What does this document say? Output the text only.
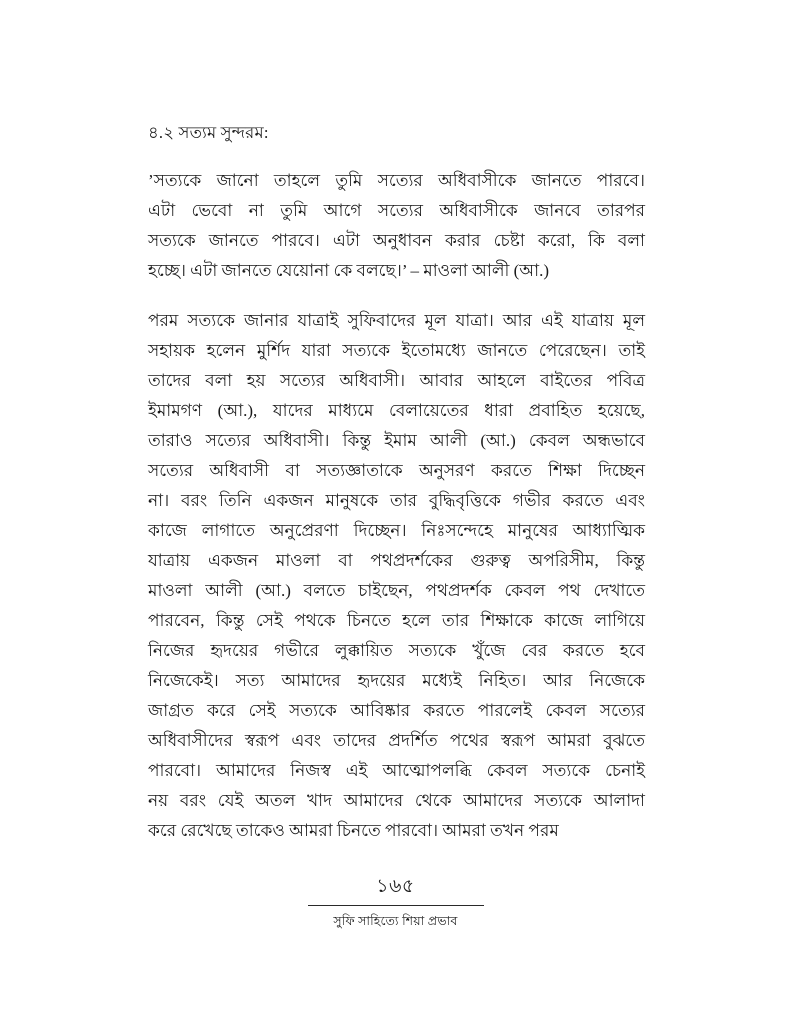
৪.২ সত্যম সুন্দরম:
’সত্যকে জানো তাহলে তুমি সত্যের অধিবাসীকে জানতে পারবে।
এটা ভেবো না তুমি আগে সত্যের অধিবাসীকে জানবে তারপর
সত্যকে জানতে পারবে। এটা অনুধাবন করার চেষ্টা করো, কি বলা
হচ্ছে। এটা জানতে যেয়োনা কে বলছে।’ – মাওলা আলী (আ.)
পরম সত্যকে জানার যাত্রাই সুফিবাদের মূল যাত্রা। আর এই যাত্রায় মূল
সহায়ক হলেন মুর্শিদ যারা সত্যকে ইতোমধ্যে জানতে পেরেছেন। তাই
তাদের বলা হয় সত্যের অধিবাসী। আবার আহলে বাইতের পবিত্র
ইমামগণ (আ.), যাদের মাধ্যমে বেলায়েতের ধারা প্রবাহিত হয়েছে,
তারাও সত্যের অধিবাসী। কিন্তু ইমাম আলী (আ.) কেবল অন্ধভাবে
সত্যের অধিবাসী বা সত্যজ্ঞাতাকে অনুসরণ করতে শিক্ষা দিচ্ছেন
না। বরং তিনি একজন মানুষকে তার বুদ্ধিবৃত্তিকে গভীর করতে এবং
কাজে লাগাতে অনুপ্রেরণা দিচ্ছেন। নিঃসন্দেহে মানুষের আধ্যাত্মিক
যাত্রায় একজন মাওলা বা পথপ্রদর্শকের গুরুত্ব অপরিসীম, কিন্তু
মাওলা আলী (আ.) বলতে চাইছেন, পথপ্রদর্শক কেবল পথ দেখাতে
পারবেন, কিন্তু সেই পথকে চিনতে হলে তার শিক্ষাকে কাজে লাগিয়ে
নিজের হৃদয়ের গভীরে লুক্কায়িত সত্যকে খুঁজে বের করতে হবে
নিজেকেই। সত্য আমাদের হৃদয়ের মধ্যেই নিহিত। আর নিজেকে
জাগ্রত করে সেই সত্যকে আবিষ্কার করতে পারলেই কেবল সত্যের
অধিবাসীদের স্বরূপ এবং তাদের প্রদর্শিত পথের স্বরূপ আমরা বুঝতে
পারবো। আমাদের নিজস্ব এই আত্মোপলব্ধি কেবল সত্যকে চেনাই
নয় বরং যেই অতল খাদ আমাদের থেকে আমাদের সত্যকে আলাদা
করে রেখেছে তাকেও আমরা চিনতে পারবো। আমরা তখন পরম
১৬৫
সুফি সাহিত্যে শিয়া প্রভাব
